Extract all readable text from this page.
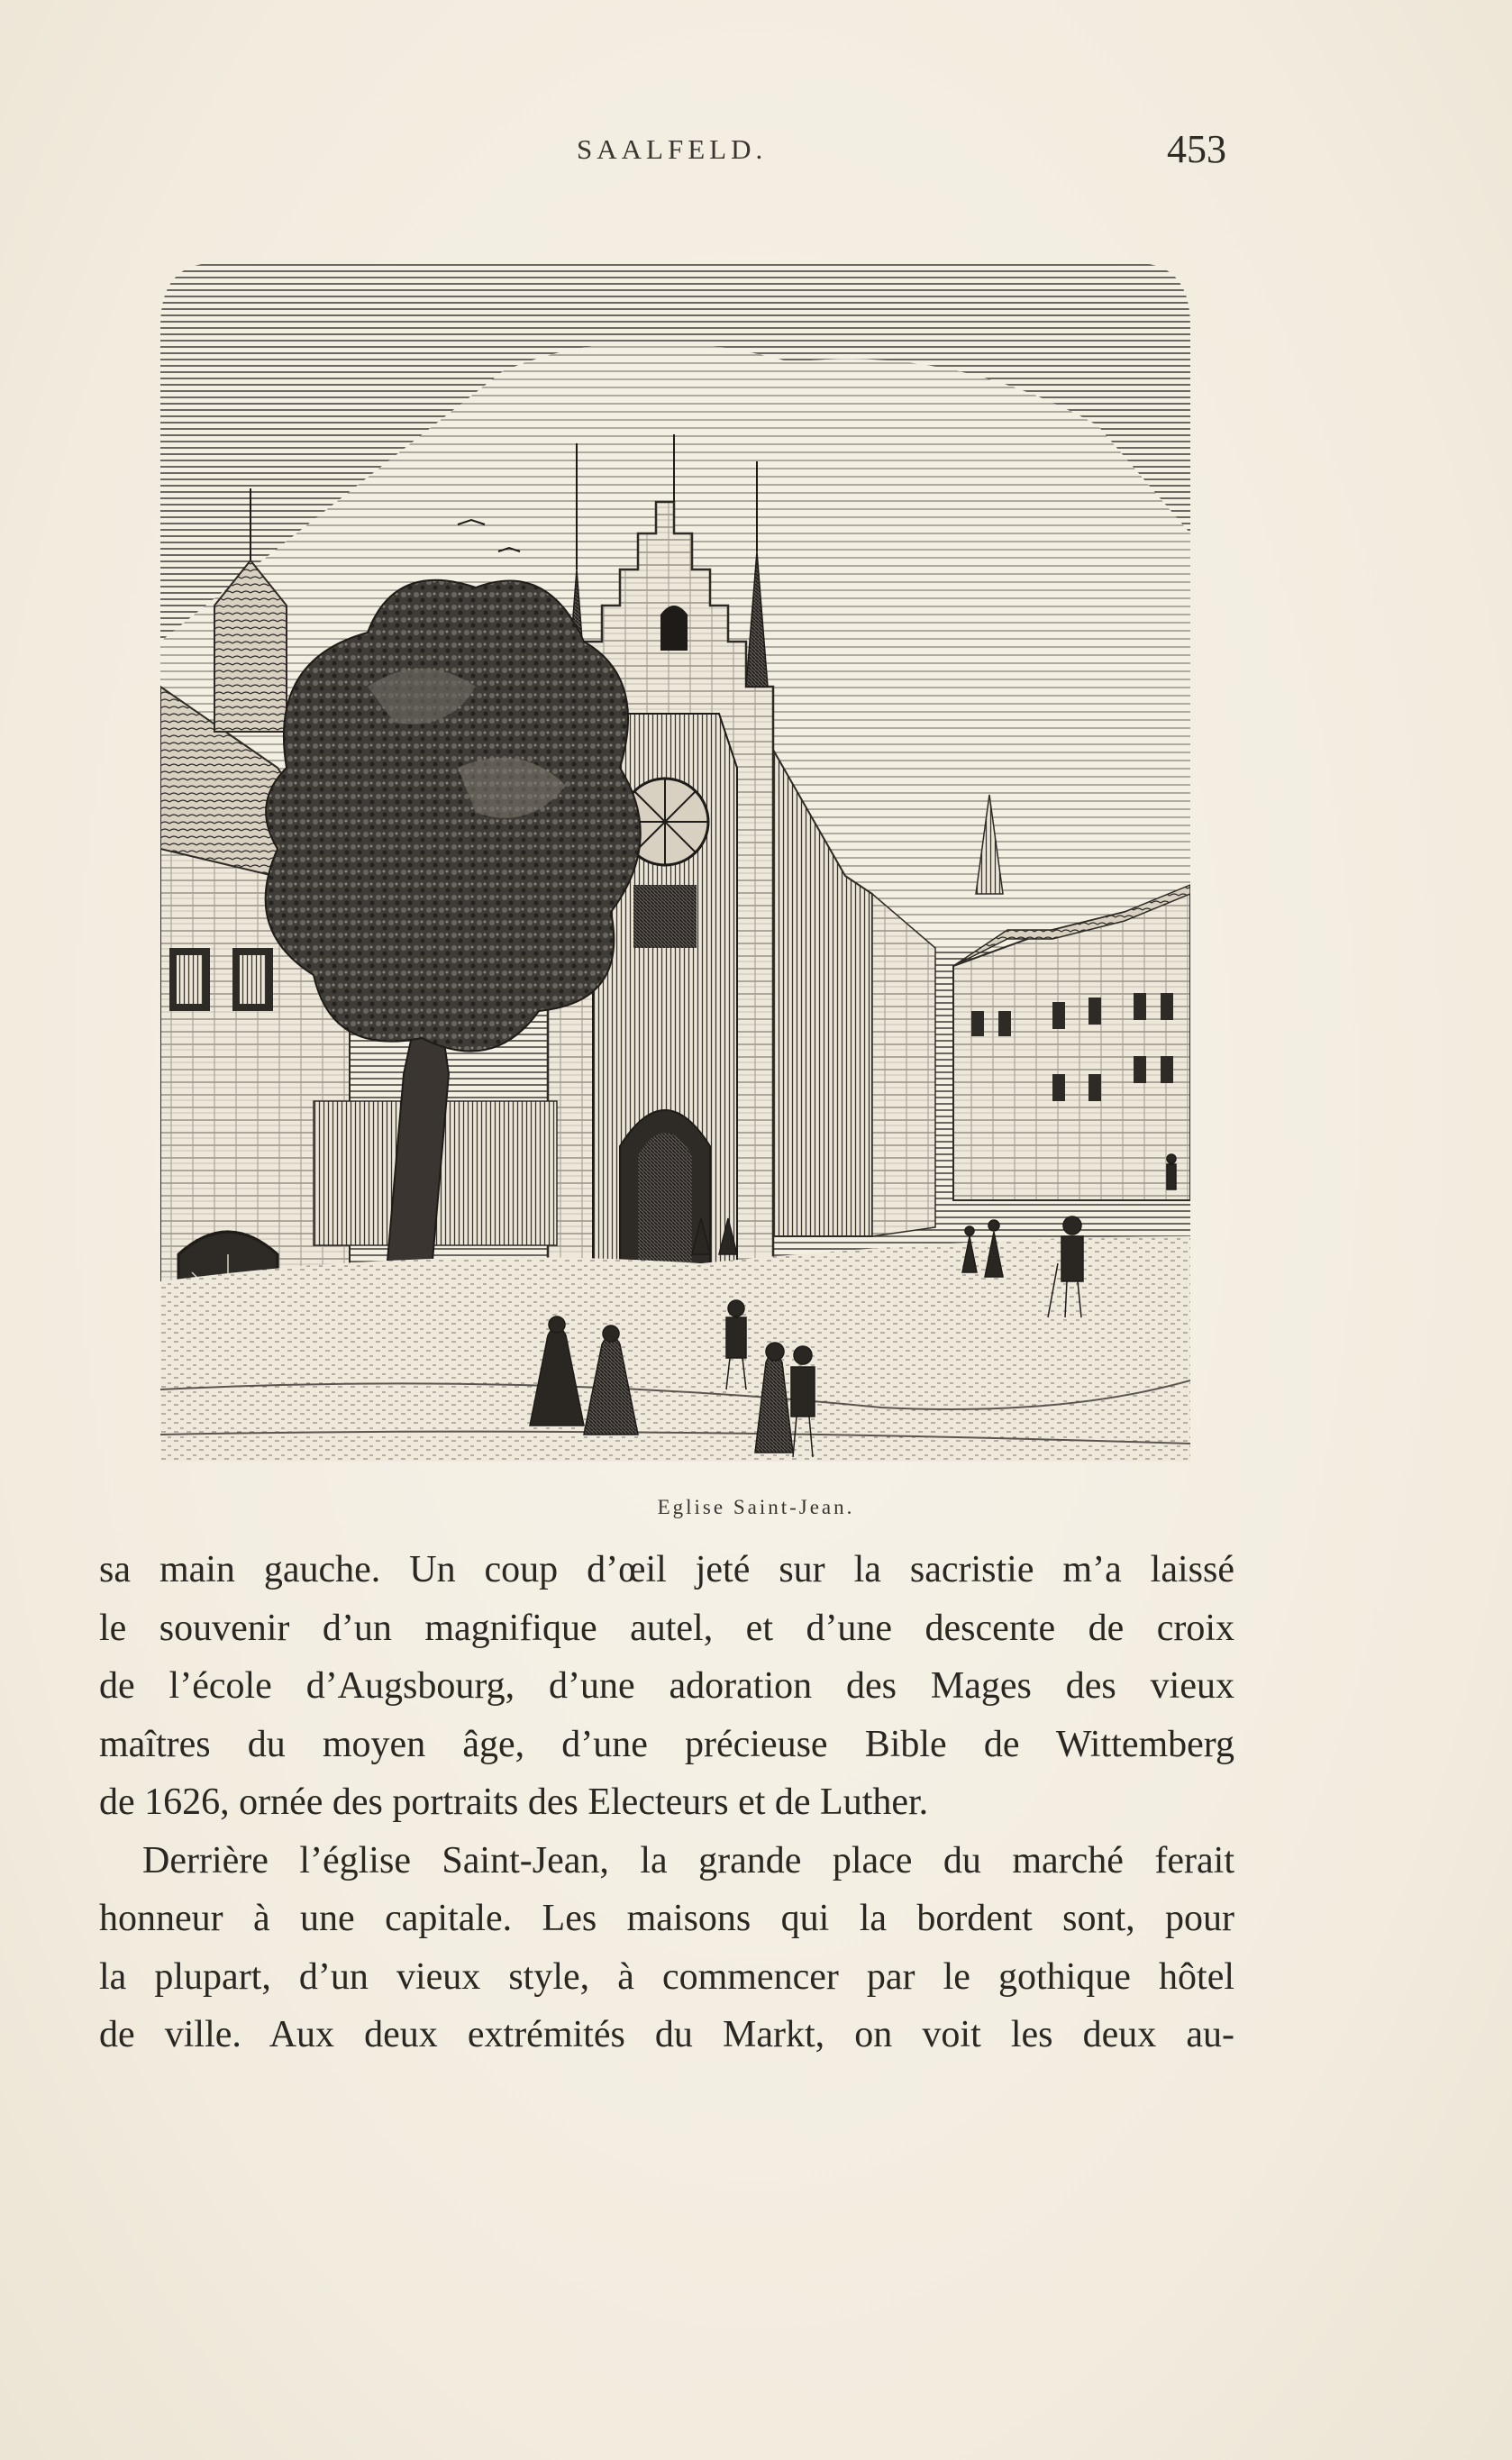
SAALFELD.	453
Eglise Saint-Jean.
sa main gauche. Un coup d’œil jeté sur la sacristie m’a laissé
le souvenir d’un magnifique autel, et d’une descente de croix
de l’école d’Augsbourg, d’une adoration des Mages des vieux
maîtres du moyen âge, d’une précieuse Bible de Wittemberg
de 1626, ornée des portraits des Electeurs et de Luther.
Derrière l’église Saint-Jean, la grande place du marché ferait
honneur à une capitale. Les maisons qui la bordent sont, pour
la plupart, d’un vieux style, à commencer par le gothique hôtel
de ville. Aux deux extrémités du Markt, on voit les deux au-
